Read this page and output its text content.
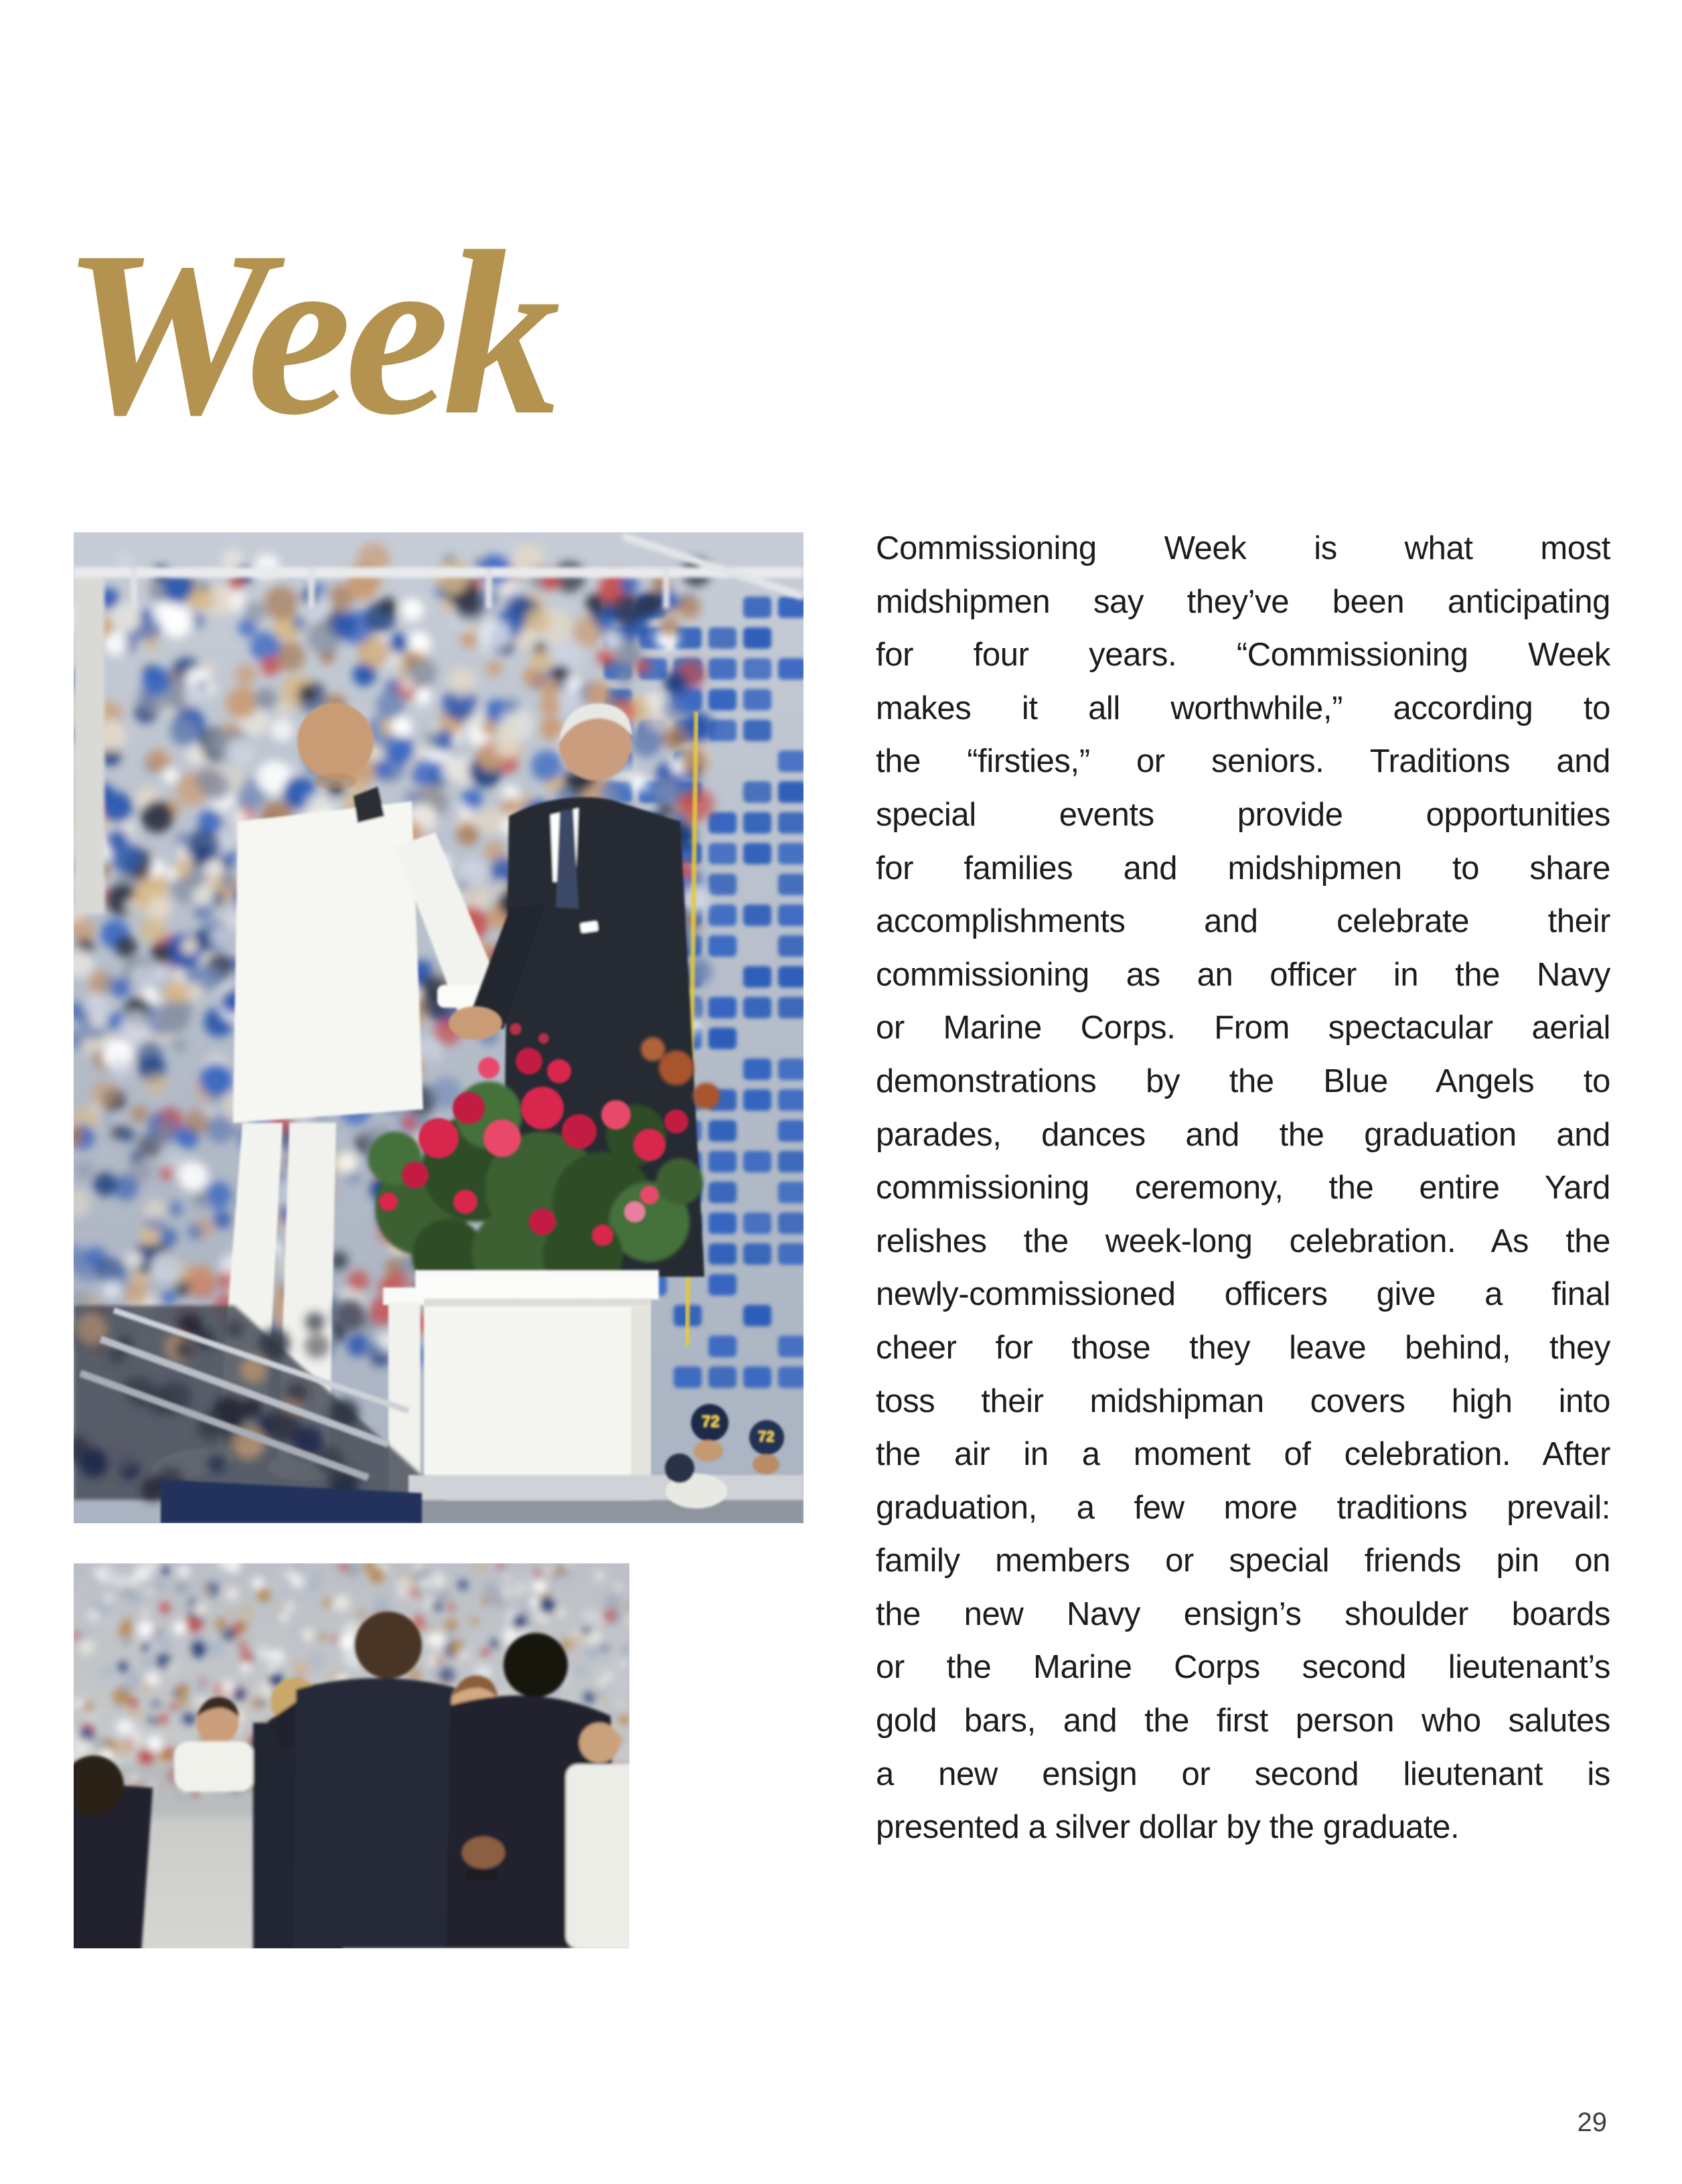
Week
72
72
Commissioning Week is what most
midshipmen say they’ve been anticipating
for four years. “Commissioning Week
makes it all worthwhile,” according to
the “firsties,” or seniors. Traditions and
special events provide opportunities
for families and midshipmen to share
accomplishments and celebrate their
commissioning as an officer in the Navy
or Marine Corps. From spectacular aerial
demonstrations by the Blue Angels to
parades, dances and the graduation and
commissioning ceremony, the entire Yard
relishes the week-long celebration. As the
newly-commissioned officers give a final
cheer for those they leave behind, they
toss their midshipman covers high into
the air in a moment of celebration. After
graduation, a few more traditions prevail:
family members or special friends pin on
the new Navy ensign’s shoulder boards
or the Marine Corps second lieutenant’s
gold bars, and the first person who salutes
a new ensign or second lieutenant is
presented a silver dollar by the graduate.
29
